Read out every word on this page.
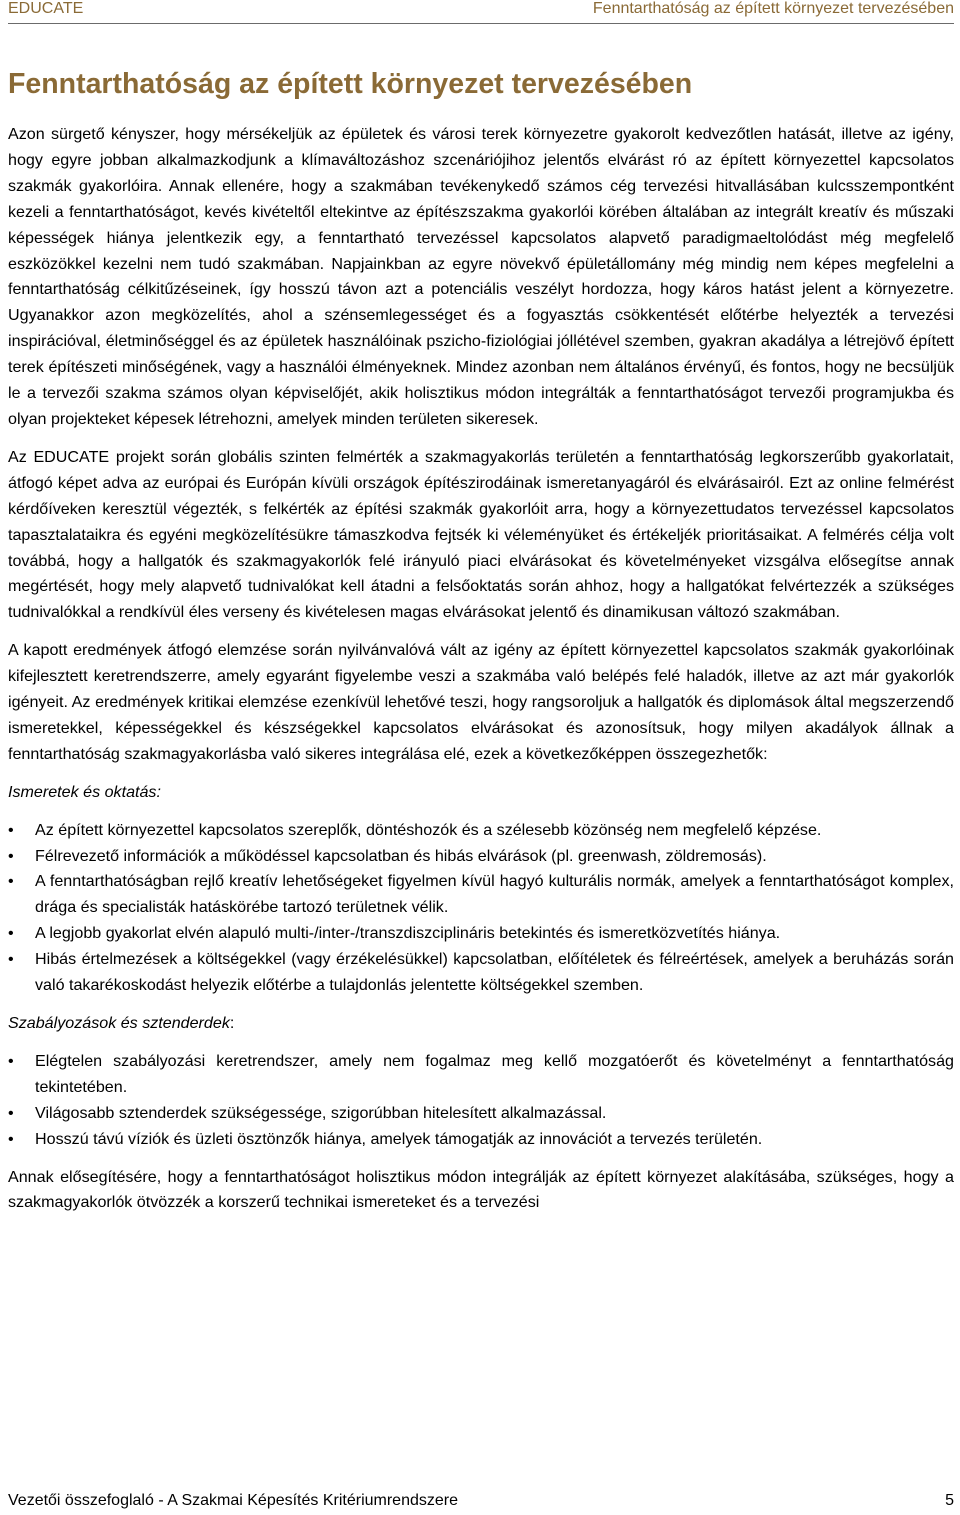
EDUCATE	Fenntarthatóság az épített környezet tervezésében
Fenntarthatóság az épített környezet tervezésében

Azon sürgető kényszer, hogy mérsékeljük az épületek és városi terek környezetre gyakorolt kedvezőtlen hatását, illetve az igény, hogy egyre jobban alkalmazkodjunk a klímaváltozáshoz szcenáriójihoz jelentős elvárást ró az épített környezettel kapcsolatos szakmák gyakorlóira. Annak ellenére, hogy a szakmában tevékenykedő számos cég tervezési hitvallásában kulcsszempontként kezeli a fenntarthatóságot, kevés kivételtől eltekintve az építészszakma gyakorlói körében általában az integrált kreatív és műszaki képességek hiánya jelentkezik egy, a fenntartható tervezéssel kapcsolatos alapvető paradigmaeltolódást még megfelelő eszközökkel kezelni nem tudó szakmában. Napjainkban az egyre növekvő épületállomány még mindig nem képes megfelelni a fenntarthatóság célkitűzéseinek, így hosszú távon azt a potenciális veszélyt hordozza, hogy káros hatást jelent a környezetre. Ugyanakkor azon megközelítés, ahol a szénsemlegességet és a fogyasztás csökkentését előtérbe helyezték a tervezési inspirációval, életminőséggel és az épületek használóinak pszicho-fiziológiai jóllétével szemben, gyakran akadálya a létrejövő épített terek építészeti minőségének, vagy a használói élményeknek. Mindez azonban nem általános érvényű, és fontos, hogy ne becsüljük le a tervezői szakma számos olyan képviselőjét, akik holisztikus módon integrálták a fenntarthatóságot tervezői programjukba és olyan projekteket képesek létrehozni, amelyek minden területen sikeresek.

Az EDUCATE projekt során globális szinten felmérték a szakmagyakorlás területén a fenntarthatóság legkorszerűbb gyakorlatait, átfogó képet adva az európai és Európán kívüli országok építészirodáinak ismeretanyagáról és elvárásairól. Ezt az online felmérést kérdőíveken keresztül végezték, s felkérték az építési szakmák gyakorlóit arra, hogy a környezettudatos tervezéssel kapcsolatos tapasztalataikra és egyéni megközelítésükre támaszkodva fejtsék ki véleményüket és értékeljék prioritásaikat. A felmérés célja volt továbbá, hogy a hallgatók és szakmagyakorlók felé irányuló piaci elvárásokat és követelményeket vizsgálva elősegítse annak megértését, hogy mely alapvető tudnivalókat kell átadni a felsőoktatás során ahhoz, hogy a hallgatókat felvértezzék a szükséges tudnivalókkal a rendkívül éles verseny és kivételesen magas elvárásokat jelentő és dinamikusan változó szakmában.

A kapott eredmények átfogó elemzése során nyilvánvalóvá vált az igény az épített környezettel kapcsolatos szakmák gyakorlóinak kifejlesztett keretrendszerre, amely egyaránt figyelembe veszi a szakmába való belépés felé haladók, illetve az azt már gyakorlók igényeit. Az eredmények kritikai elemzése ezenkívül lehetővé teszi, hogy rangsoroljuk a hallgatók és diplomások által megszerzendő ismeretekkel, képességekkel és készségekkel kapcsolatos elvárásokat és azonosítsuk, hogy milyen akadályok állnak a fenntarthatóság szakmagyakorlásba való sikeres integrálása elé, ezek a következőképpen összegezhetők:

Ismeretek és oktatás:

• Az épített környezettel kapcsolatos szereplők, döntéshozók és a szélesebb közönség nem megfelelő képzése.
• Félrevezető információk a működéssel kapcsolatban és hibás elvárások (pl. greenwash, zöldremosás).
• A fenntarthatóságban rejlő kreatív lehetőségeket figyelmen kívül hagyó kulturális normák, amelyek a fenntarthatóságot komplex, drága és specialisták hatáskörébe tartozó területnek vélik.
• A legjobb gyakorlat elvén alapuló multi-/inter-/transzdiszciplináris betekintés és ismeretközvetítés hiánya.
• Hibás értelmezések a költségekkel (vagy érzékelésükkel) kapcsolatban, előítéletek és félreértések, amelyek a beruházás során való takarékoskodást helyezik előtérbe a tulajdonlás jelentette költségekkel szemben.

Szabályozások és sztenderdek:

• Elégtelen szabályozási keretrendszer, amely nem fogalmaz meg kellő mozgatóerőt és követelményt a fenntarthatóság tekintetében.
• Világosabb sztenderdek szükségessége, szigorúbban hitelesített alkalmazással.
• Hosszú távú víziók és üzleti ösztönzők hiánya, amelyek támogatják az innovációt a tervezés területén.

Annak elősegítésére, hogy a fenntarthatóságot holisztikus módon integrálják az épített környezet alakításába, szükséges, hogy a szakmagyakorlók ötvözzék a korszerű technikai ismereteket és a tervezési

Vezetői összefoglaló - A Szakmai Képesítés Kritériumrendszere	5
